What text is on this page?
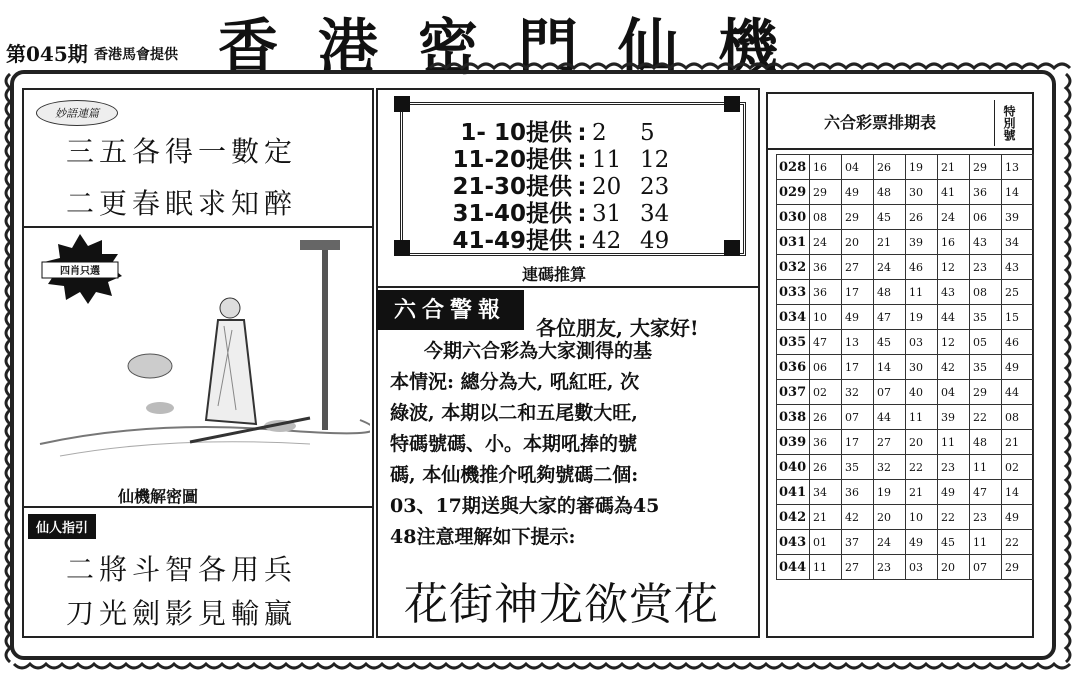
第045期 香港馬會提供 香港密門仙機
妙語連篇
三五各得一數定
二更春眠求知醉
四肖只選
仙機解密圖
仙人指引
二將斗智各用兵
刀光劍影見輸贏
1- 10提供 : 2 5
11-20提供 : 11 12
21-30提供 : 20 23
31-40提供 : 31 34
41-49提供 : 42 49
連碼推算
六合警報
各位朋友, 大家好!
今期六合彩為大家測得的基
本情況: 總分為大, 吼紅旺, 次
綠波, 本期以二和五尾數大旺,
特碼號碼、小。本期吼捧的號
碼, 本仙機推介吼夠號碼二個:
03、17期送與大家的審碼為45
48注意理解如下提示:
花街神龙欲赏花
六合彩票排期表	特別號
028	16	04	26	19	21	29	13
029	29	49	48	30	41	36	14
030	08	29	45	26	24	06	39
031	24	20	21	39	16	43	34
032	36	27	24	46	12	23	43
033	36	17	48	11	43	08	25
034	10	49	47	19	44	35	15
035	47	13	45	03	12	05	46
036	06	17	14	30	42	35	49
037	02	32	07	40	04	29	44
038	26	07	44	11	39	22	08
039	36	17	27	20	11	48	21
040	26	35	32	22	23	11	02
041	34	36	19	21	49	47	14
042	21	42	20	10	22	23	49
043	01	37	24	49	45	11	22
044	11	27	23	03	20	07	29
